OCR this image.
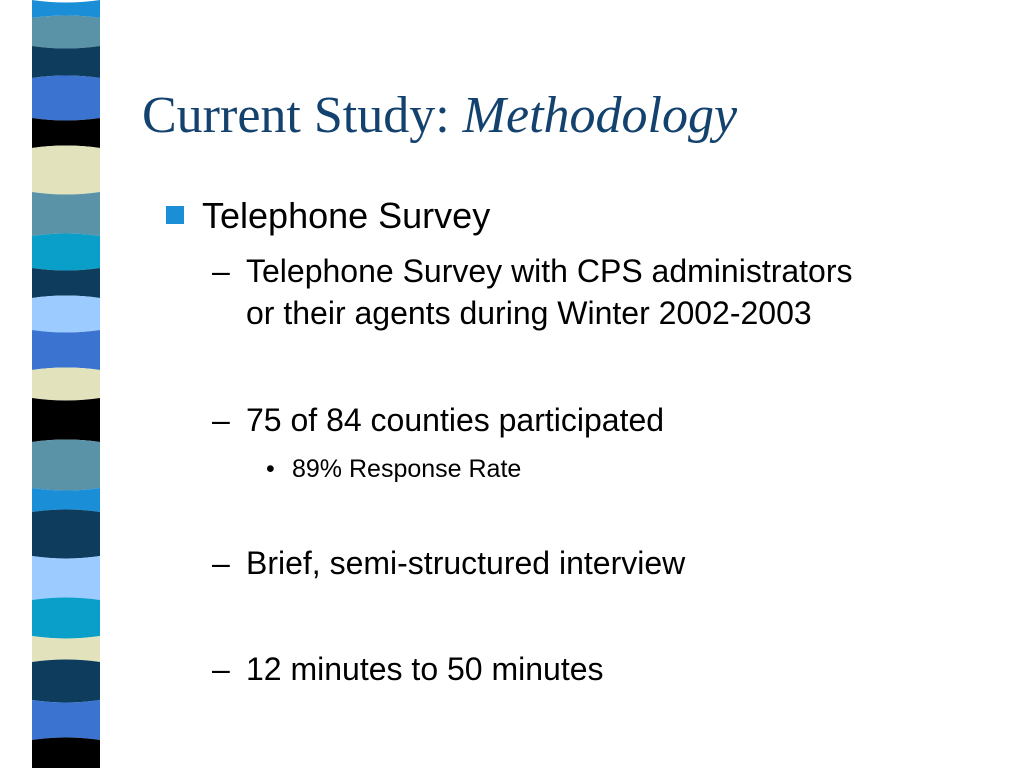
Current Study: Methodology
Telephone Survey
– Telephone Survey with CPS administrators
or their agents during Winter 2002-2003
– 75 of 84 counties participated
• 89% Response Rate
– Brief, semi-structured interview
– 12 minutes to 50 minutes
